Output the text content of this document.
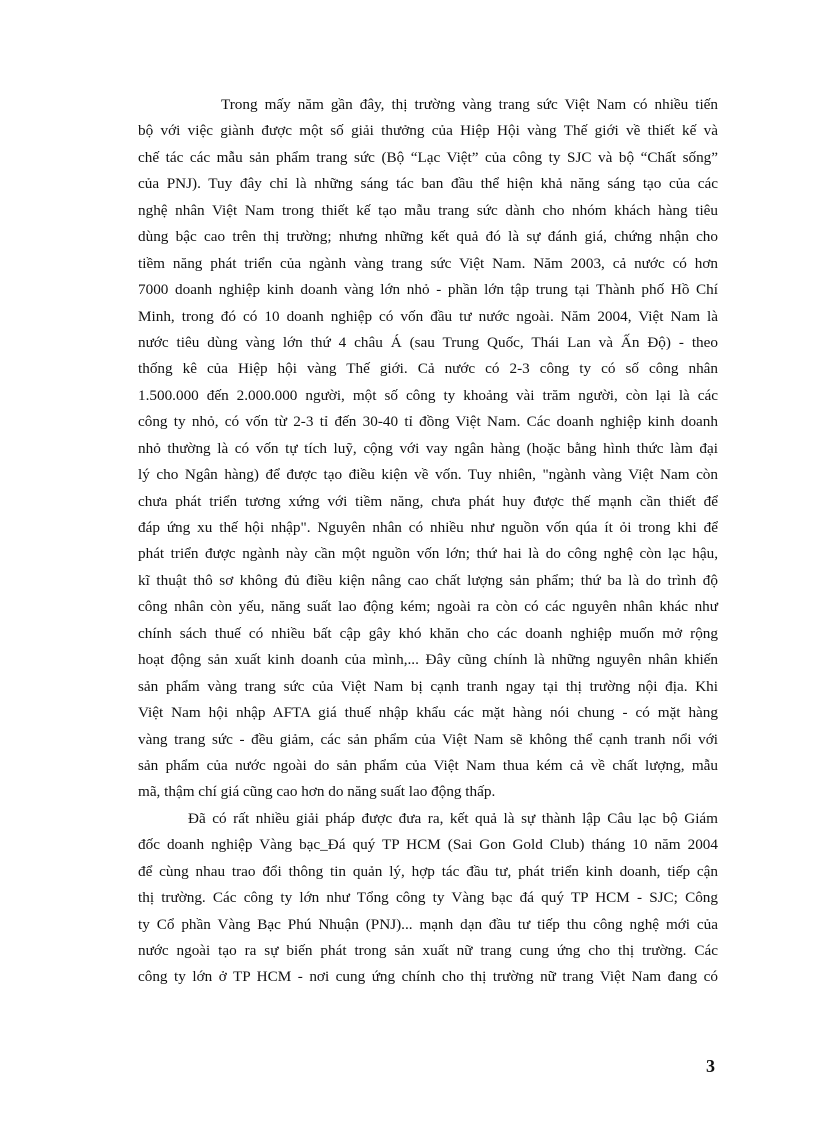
Trong mấy năm gần đây, thị trường vàng trang sức Việt Nam có nhiều tiến
bộ với việc giành được một số giải thưởng của Hiệp Hội vàng Thế giới về thiết kế và
chế tác các mẫu sản phẩm trang sức (Bộ “Lạc Việt” của công ty SJC và bộ “Chất sống”
của PNJ). Tuy đây chỉ là những sáng tác ban đầu thể hiện khả năng sáng tạo của các
nghệ nhân Việt Nam trong thiết kế tạo mẫu trang sức dành cho nhóm khách hàng tiêu
dùng bậc cao trên thị trường; nhưng những kết quả đó là sự đánh giá, chứng nhận cho
tiềm năng phát triển của ngành vàng trang sức Việt Nam. Năm 2003, cả nước có hơn
7000 doanh nghiệp kinh doanh vàng lớn nhỏ - phần lớn tập trung tại Thành phố Hồ Chí
Minh, trong đó có 10 doanh nghiệp có vốn đầu tư nước ngoài. Năm 2004, Việt Nam là
nước tiêu dùng vàng lớn thứ 4 châu Á (sau Trung Quốc, Thái Lan và Ấn Độ) - theo
thống kê của Hiệp hội vàng Thế giới. Cả nước có 2-3 công ty có số công nhân
1.500.000 đến 2.000.000 người, một số công ty khoảng vài trăm người, còn lại là các
công ty nhỏ, có vốn từ 2-3 tỉ đến 30-40 tỉ đồng Việt Nam. Các doanh nghiệp kinh doanh
nhỏ thường là có vốn tự tích luỹ, cộng với vay ngân hàng (hoặc bằng hình thức làm đại
lý cho Ngân hàng) để được tạo điều kiện về vốn. Tuy nhiên, "ngành vàng Việt Nam còn
chưa phát triển tương xứng với tiềm năng, chưa phát huy được thế mạnh cần thiết để
đáp ứng xu thế hội nhập". Nguyên nhân có nhiều như nguồn vốn qúa ít ỏi trong khi để
phát triển được ngành này cần một nguồn vốn lớn; thứ hai là do công nghệ còn lạc hậu,
kĩ thuật thô sơ không đủ điều kiện nâng cao chất lượng sản phẩm; thứ ba là do trình độ
công nhân còn yếu, năng suất lao động kém; ngoài ra còn có các nguyên nhân khác như
chính sách thuế có nhiều bất cập gây khó khăn cho các doanh nghiệp muốn mở rộng
hoạt động sản xuất kinh doanh của mình,... Đây cũng chính là những nguyên nhân khiến
sản phẩm vàng trang sức của Việt Nam bị cạnh tranh ngay tại thị trường nội địa. Khi
Việt Nam hội nhập AFTA giá thuế nhập khẩu các mặt hàng nói chung - có mặt hàng
vàng trang sức - đều giảm, các sản phẩm của Việt Nam sẽ không thể cạnh tranh nổi với
sản phẩm của nước ngoài do sản phẩm của Việt Nam thua kém cả về chất lượng, mẫu
mã, thậm chí giá cũng cao hơn do năng suất lao động thấp.
Đã có rất nhiều giải pháp được đưa ra, kết quả là sự thành lập Câu lạc bộ Giám
đốc doanh nghiệp Vàng bạc_Đá quý TP HCM (Sai Gon Gold Club) tháng 10 năm 2004
để cùng nhau trao đổi thông tin quản lý, hợp tác đầu tư, phát triển kinh doanh, tiếp cận
thị trường. Các công ty lớn như Tổng công ty Vàng bạc đá quý TP HCM - SJC; Công
ty Cổ phần Vàng Bạc Phú Nhuận (PNJ)... mạnh dạn đầu tư tiếp thu công nghệ mới của
nước ngoài tạo ra sự biến phát trong sản xuất nữ trang cung ứng cho thị trường. Các
công ty lớn ở TP HCM - nơi cung ứng chính cho thị trường nữ trang Việt Nam đang có
3
